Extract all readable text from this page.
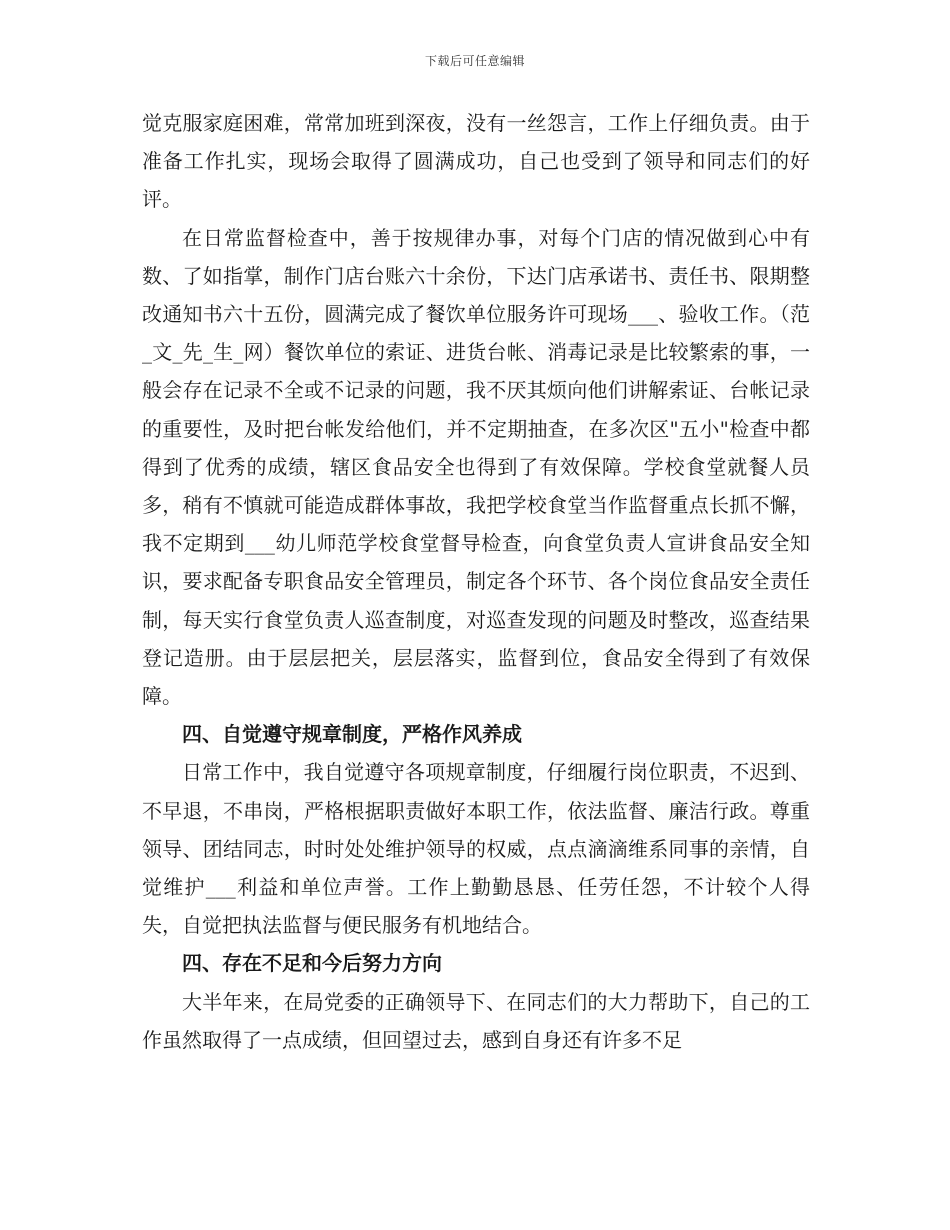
下载后可任意编辑

觉克服家庭困难，常常加班到深夜，没有一丝怨言，工作上仔细负责。由于准备工作扎实，现场会取得了圆满成功，自己也受到了领导和同志们的好评。

在日常监督检查中，善于按规律办事，对每个门店的情况做到心中有数、了如指掌，制作门店台账六十余份，下达门店承诺书、责任书、限期整改通知书六十五份，圆满完成了餐饮单位服务许可现场___、验收工作。（范_文_先_生_网）餐饮单位的索证、进货台帐、消毒记录是比较繁索的事，一般会存在记录不全或不记录的问题，我不厌其烦向他们讲解索证、台帐记录的重要性，及时把台帐发给他们，并不定期抽查，在多次区"五小"检查中都得到了优秀的成绩，辖区食品安全也得到了有效保障。学校食堂就餐人员多，稍有不慎就可能造成群体事故，我把学校食堂当作监督重点长抓不懈，我不定期到___幼儿师范学校食堂督导检查，向食堂负责人宣讲食品安全知识，要求配备专职食品安全管理员，制定各个环节、各个岗位食品安全责任制，每天实行食堂负责人巡查制度，对巡查发现的问题及时整改，巡查结果登记造册。由于层层把关，层层落实，监督到位，食品安全得到了有效保障。

四、自觉遵守规章制度，严格作风养成

日常工作中，我自觉遵守各项规章制度，仔细履行岗位职责，不迟到、不早退，不串岗，严格根据职责做好本职工作，依法监督、廉洁行政。尊重领导、团结同志，时时处处维护领导的权威，点点滴滴维系同事的亲情，自觉维护___利益和单位声誉。工作上勤勤恳恳、任劳任怨，不计较个人得失，自觉把执法监督与便民服务有机地结合。

四、存在不足和今后努力方向

大半年来，在局党委的正确领导下、在同志们的大力帮助下，自己的工作虽然取得了一点成绩，但回望过去，感到自身还有许多不足
